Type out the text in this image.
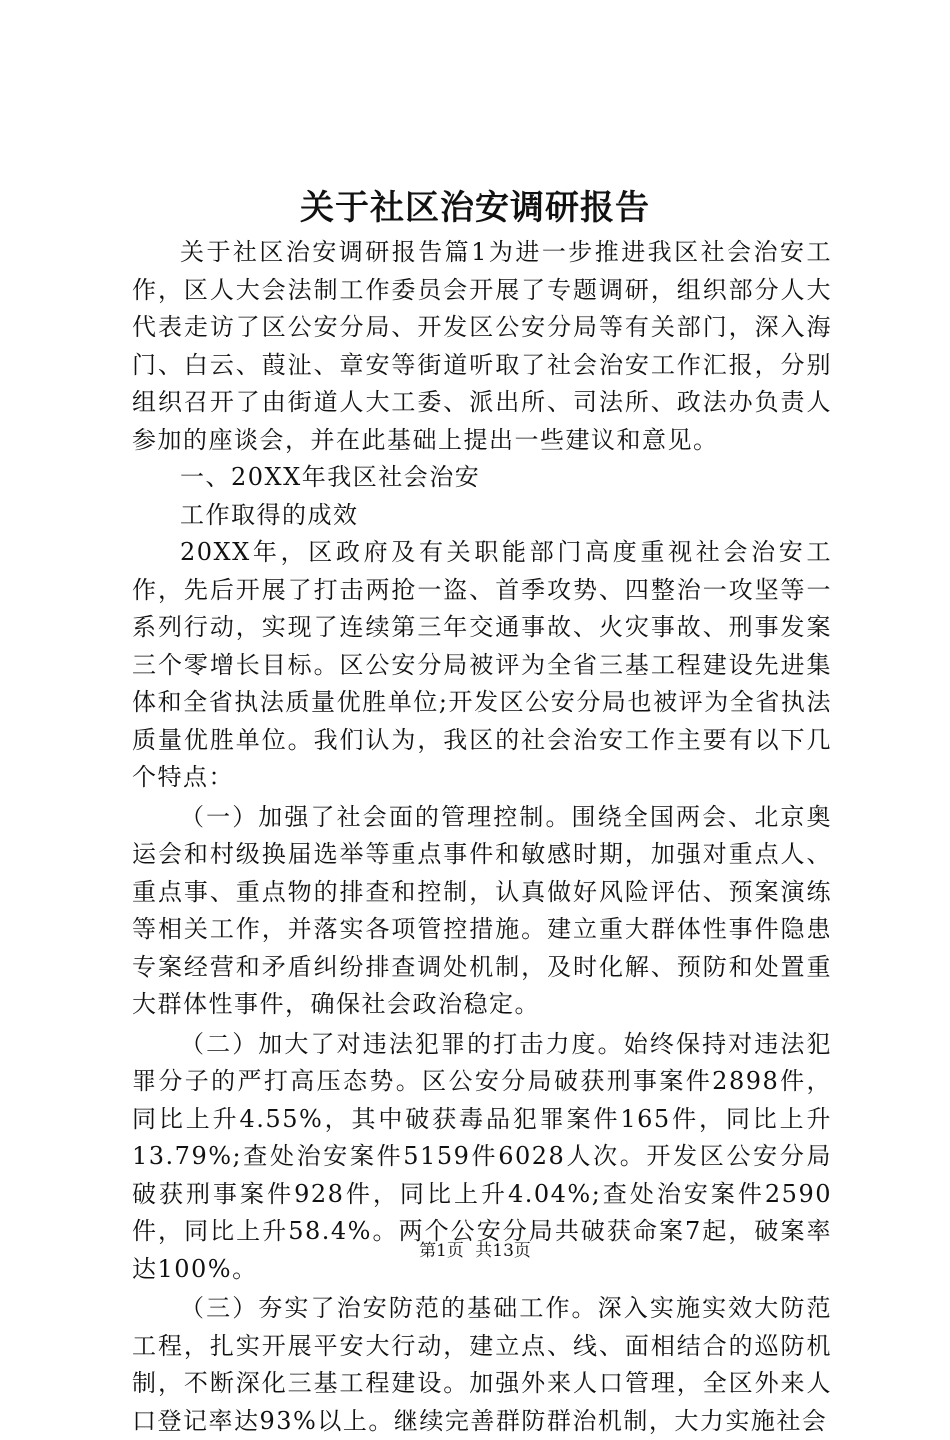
关于社区治安调研报告

关于社区治安调研报告篇1为进一步推进我区社会治安工作，区人大会法制工作委员会开展了专题调研，组织部分人大代表走访了区公安分局、开发区公安分局等有关部门，深入海门、白云、葭沚、章安等街道听取了社会治安工作汇报，分别组织召开了由街道人大工委、派出所、司法所、政法办负责人参加的座谈会，并在此基础上提出一些建议和意见。

一、20XX年我区社会治安

工作取得的成效

20XX年，区政府及有关职能部门高度重视社会治安工作，先后开展了打击两抢一盗、首季攻势、四整治一攻坚等一系列行动，实现了连续第三年交通事故、火灾事故、刑事发案三个零增长目标。区公安分局被评为全省三基工程建设先进集体和全省执法质量优胜单位;开发区公安分局也被评为全省执法质量优胜单位。我们认为，我区的社会治安工作主要有以下几个特点：

（一）加强了社会面的管理控制。围绕全国两会、北京奥运会和村级换届选举等重点事件和敏感时期，加强对重点人、重点事、重点物的排查和控制，认真做好风险评估、预案演练等相关工作，并落实各项管控措施。建立重大群体性事件隐患专案经营和矛盾纠纷排查调处机制，及时化解、预防和处置重大群体性事件，确保社会政治稳定。

（二）加大了对违法犯罪的打击力度。始终保持对违法犯罪分子的严打高压态势。区公安分局破获刑事案件2898件，同比上升4.55%，其中破获毒品犯罪案件165件，同比上升13.79%;查处治安案件5159件6028人次。开发区公安分局破获刑事案件928件，同比上升4.04%;查处治安案件2590件，同比上升58.4%。两个公安分局共破获命案7起，破案率达100%。

（三）夯实了治安防范的基础工作。深入实施实效大防范工程，扎实开展平安大行动，建立点、线、面相结合的巡防机制，不断深化三基工程建设。加强外来人口管理，全区外来人口登记率达93%以上。继续完善群防群治机制，大力实施社会

第1页 共13页
